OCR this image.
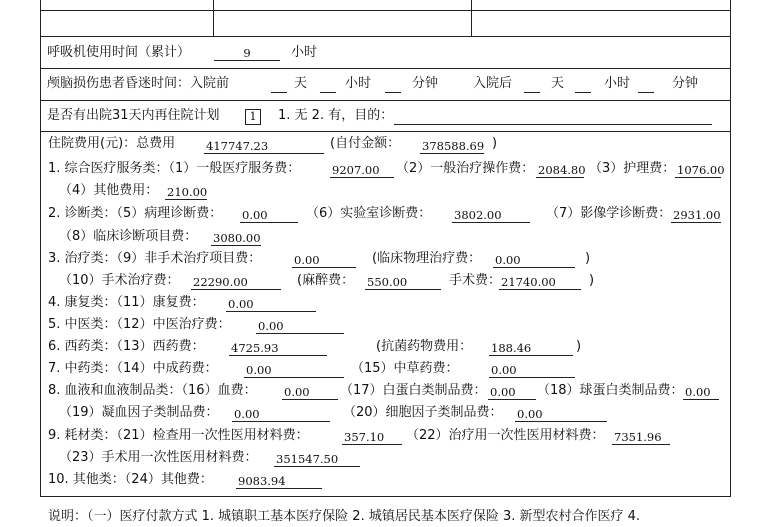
呼吸机使用时间（累计）	9	小时
颅脑损伤患者昏迷时间：入院前	天	小时	分钟	入院后	天	小时	分钟
是否有出院31天内再住院计划	1	1. 无 2. 有，目的：
住院费用(元)：总费用	417747.23	(自付金额： 378588.69 )
1. 综合医疗服务类：（1）一般医疗服务费：	9207.00	（2）一般治疗操作费： 2084.80 （3）护理费： 1076.00
（4）其他费用： 210.00
2. 诊断类：（5）病理诊断费： 0.00	（6）实验室诊断费： 3802.00	（7）影像学诊断费： 2931.00
（8）临床诊断项目费： 3080.00
3. 治疗类：（9）非手术治疗项目费：	0.00	(临床物理治疗费： 0.00	)
（10）手术治疗费： 22290.00	(麻醉费： 550.00	手术费： 21740.00	)
4. 康复类：（11）康复费： 0.00
5. 中医类：（12）中医治疗费： 0.00
6. 西药类：（13）西药费： 4725.93	(抗菌药物费用： 188.46	)
7. 中药类：（14）中成药费： 0.00	（15）中草药费：	0.00
8. 血液和血液制品类：（16）血费： 0.00	（17）白蛋白类制品费： 0.00	（18）球蛋白类制品费： 0.00
（19）凝血因子类制品费： 0.00	（20）细胞因子类制品费： 0.00
9. 耗材类：（21）检查用一次性医用材料费：	357.10	（22）治疗用一次性医用材料费： 7351.96
（23）手术用一次性医用材料费： 351547.50
10. 其他类：（24）其他费： 9083.94
说明：（一）医疗付款方式 1. 城镇职工基本医疗保险 2. 城镇居民基本医疗保险 3. 新型农村合作医疗 4.
